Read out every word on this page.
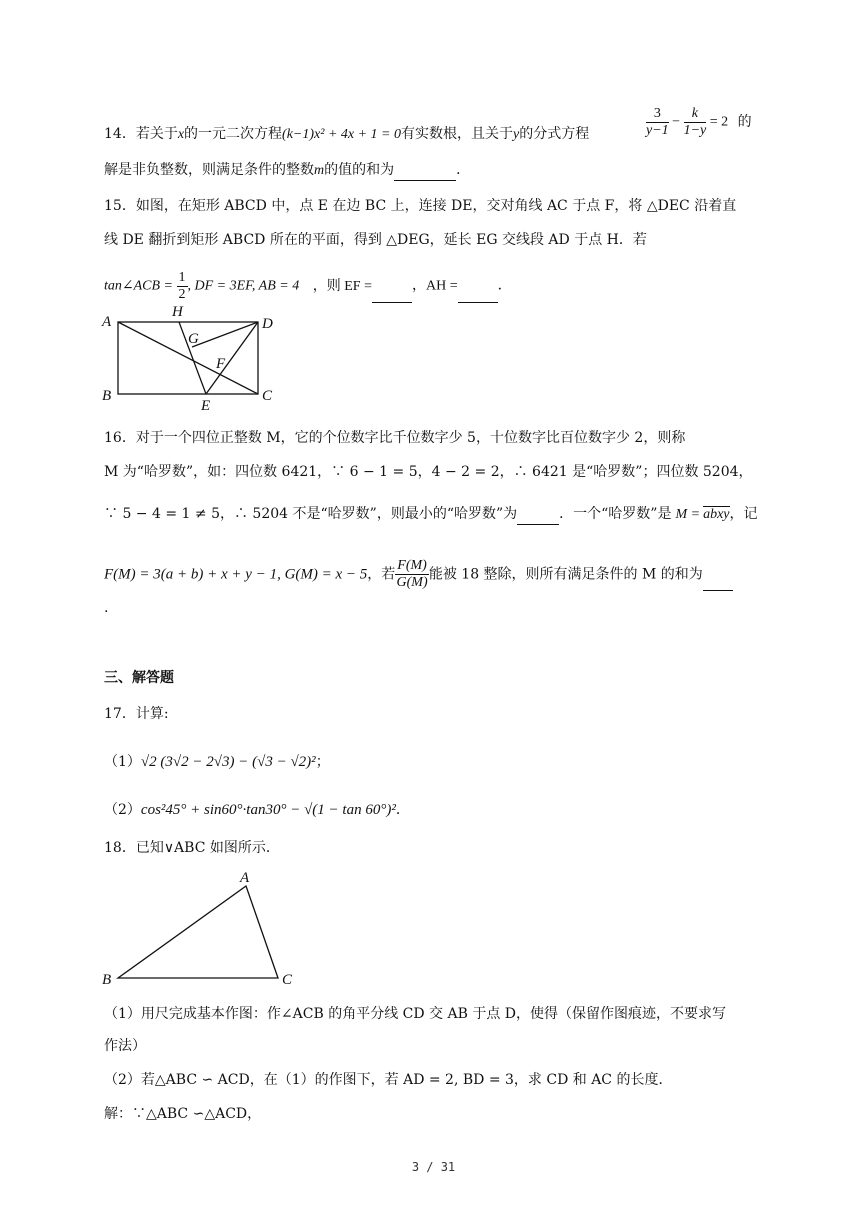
14．若关于x的一元二次方程(k−1)x² + 4x + 1 = 0有实数根，且关于y的分式方程	$\frac{3}{y-1} - \frac{k}{1-y} = 2$ 的
解是非负整数，则满足条件的整数m的值的和为	．
15．如图，在矩形 ABCD 中，点 E 在边 BC 上，连接 DE，交对角线 AC 于点 F，将 △DEC 沿着直
线 DE 翻折到矩形 ABCD 所在的平面，得到 △DEG，延长 EG 交线段 AD 于点 H．若
tan∠ACB = $\frac{1}{2}$ , DF = 3EF, AB = 4 ，则 EF =	，AH =	．
A
H
D
G
F
B
E
C
16．对于一个四位正整数 M，它的个位数字比千位数字少 5，十位数字比百位数字少 2，则称
M 为“哈罗数”，如：四位数 6421，∵ 6 − 1 = 5，4 − 2 = 2，∴ 6421 是“哈罗数”；四位数 5204，
∵ 5 − 4 = 1 ≠ 5，∴ 5204 不是“哈罗数”，则最小的“哈罗数”为	．一个“哈罗数”是 M = abxy，记
F(M) = 3(a + b) + x + y − 1, G(M) = x − 5，若 $\frac{F(M)}{G(M)}$ 能被 18 整除，则所有满足条件的 M 的和为
.
三、解答题
17．计算:
（1）√2 (3√2 − 2√3) − (√3 − √2)²；
（2）cos²45° + sin60°·tan30° − √(1 − tan 60°)²．
18．已知∨ABC 如图所示．
A
B	C
（1）用尺完成基本作图：作∠ACB 的角平分线 CD 交 AB 于点 D，使得（保留作图痕迹，不要求写
作法）
（2）若△ABC ∽ ACD，在（1）的作图下，若 AD = 2, BD = 3，求 CD 和 AC 的长度．
解：∵△ABC ∽△ACD，
3 / 31
